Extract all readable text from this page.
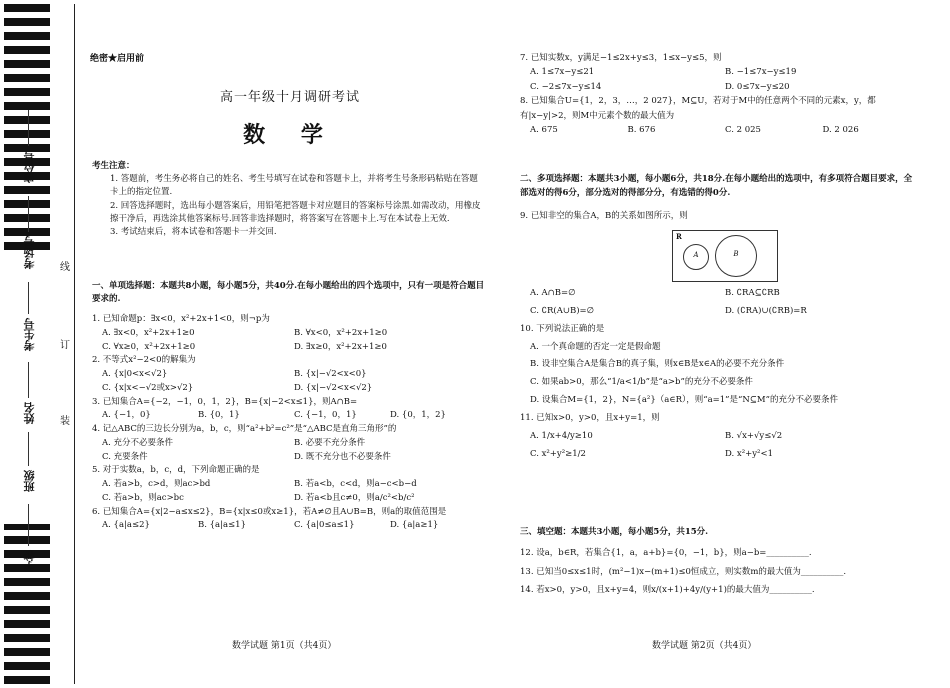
座位号
考场号
考生号
姓名
班级
学校
线
订
装
绝密★启用前
高一年级十月调研考试
数 学
考生注意：
1. 答题前，考生务必将自己的姓名、考生号填写在试卷和答题卡上，并将考生号条形码粘贴在答题卡上的指定位置.
2. 回答选择题时，选出每小题答案后，用铅笔把答题卡对应题目的答案标号涂黑.如需改动，用橡皮擦干净后，再选涂其他答案标号.回答非选择题时，将答案写在答题卡上.写在本试卷上无效.
3. 考试结束后，将本试卷和答题卡一并交回.
一、单项选择题：本题共8小题，每小题5分，共40分.在每小题给出的四个选项中，只有一项是符合题目要求的.
1. 已知命题p：∃x<0，x²+2x+1<0，则¬p为
A. ∃x<0，x²+2x+1≥0	B. ∀x<0，x²+2x+1≥0
C. ∀x≥0，x²+2x+1≥0	D. ∃x≥0，x²+2x+1≥0
2. 不等式x²−2<0的解集为
A. {x|0<x<√2}	B. {x|−√2<x<0}
C. {x|x<−√2或x>√2}	D. {x|−√2<x<√2}
3. 已知集合A={−2，−1，0，1，2}，B={x|−2<x≤1}，则A∩B=
A. {−1，0}	B. {0，1}	C. {−1，0，1}	D. {0，1，2}
4. 记△ABC的三边长分别为a，b，c，则“a²+b²=c²”是“△ABC是直角三角形”的
A. 充分不必要条件	B. 必要不充分条件
C. 充要条件	D. 既不充分也不必要条件
5. 对于实数a，b，c，d，下列命题正确的是
A. 若a>b，c>d，则ac>bd	B. 若a<b，c<d，则a−c<b−d
C. 若a>b，则ac>bc	D. 若a<b且c≠0，则a/c²<b/c²
6. 已知集合A={x|2−a≤x≤2}，B={x|x≤0或x≥1}，若A≠∅且A∪B=B，则a的取值范围是
A. {a|a≤2}	B. {a|a≤1}	C. {a|0≤a≤1}	D. {a|a≥1}
数学试题 第1页（共4页）
7. 已知实数x，y满足−1≤2x+y≤3，1≤x−y≤5，则
A. 1≤7x−y≤21	B. −1≤7x−y≤19
C. −2≤7x−y≤14	D. 0≤7x−y≤20
8. 已知集合U={1，2，3，…，2 027}，M⊆U，若对于M中的任意两个不同的元素x，y，都有|x−y|>2，则M中元素个数的最大值为
A. 675	B. 676	C. 2 025	D. 2 026
二、多项选择题：本题共3小题，每小题6分，共18分.在每小题给出的选项中，有多项符合题目要求，全部选对的得6分，部分选对的得部分分，有选错的得0分.
9. 已知非空的集合A，B的关系如图所示，则
R
A	B
A. A∩B=∅	B. ∁RA⊆∁RB
C. ∁R(A∪B)=∅	D. (∁RA)∪(∁RB)=R
10. 下列说法正确的是
A. 一个真命题的否定一定是假命题
B. 设非空集合A是集合B的真子集，则x∈B是x∈A的必要不充分条件
C. 如果ab>0，那么“1/a<1/b”是“a>b”的充分不必要条件
D. 设集合M={1，2}，N={a²}（a∈R），则“a=1”是“N⊆M”的充分不必要条件
11. 已知x>0，y>0，且x+y=1，则
A. 1/x+4/y≥10	B. √x+√y≤√2
C. x²+y²≥1/2	D. x²+y²<1
三、填空题：本题共3小题，每小题5分，共15分.
12. 设a，b∈R，若集合{1，a，a+b}={0，−1，b}，则a−b=__________.
13. 已知当0≤x≤1时，(m²−1)x−(m+1)≤0恒成立，则实数m的最大值为__________.
14. 若x>0，y>0，且x+y=4，则x/(x+1)+4y/(y+1)的最大值为__________.
数学试题 第2页（共4页）
